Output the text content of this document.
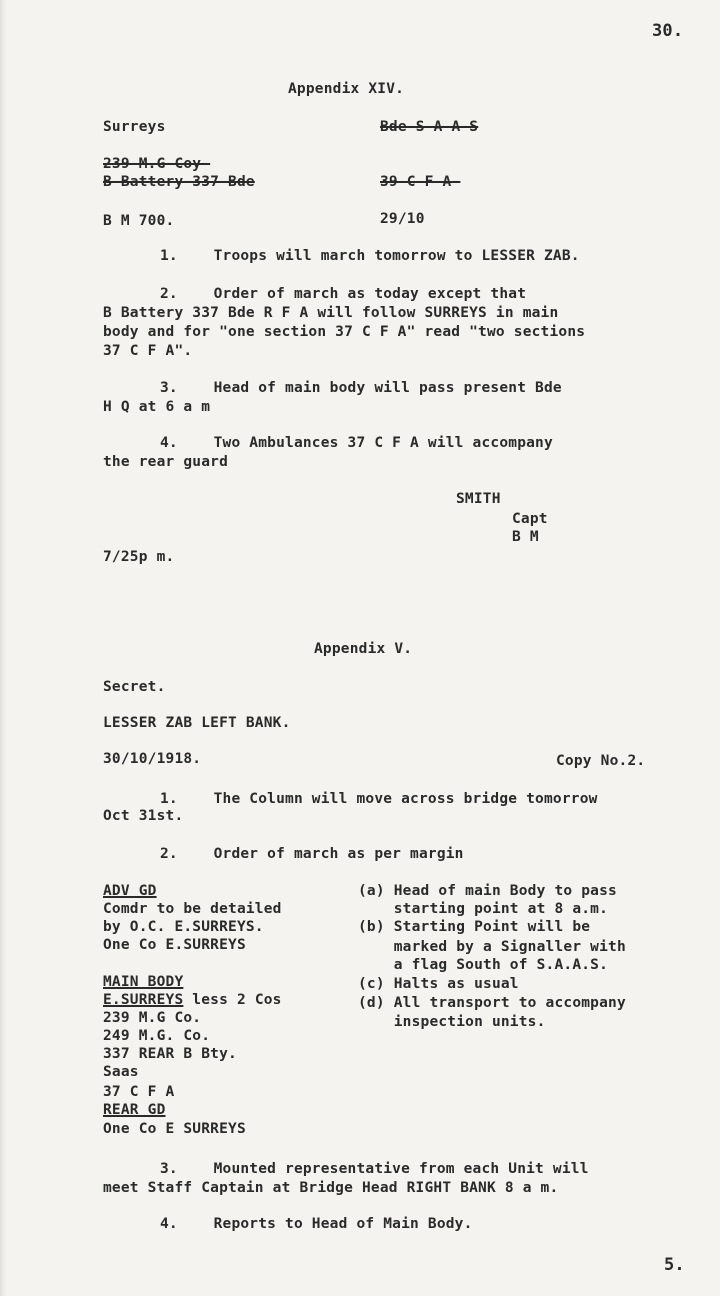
30.
Appendix XIV.
Surreys	Bde-S-A-A-S
239-M.G-Coy-
B-Battery-337-Bde	39-C-F-A-
B M 700.	29/10
1.    Troops will march tomorrow to LESSER ZAB.
2.    Order of march as today except that
B Battery 337 Bde R F A will follow SURREYS in main
body and for "one section 37 C F A" read "two sections
37 C F A".
3.    Head of main body will pass present Bde
H Q at 6 a m
4.    Two Ambulances 37 C F A will accompany
the rear guard
SMITH
Capt
B M
7/25p m.
Appendix V.
Secret.
LESSER ZAB LEFT BANK.
30/10/1918.	Copy No.2.
1.    The Column will move across bridge tomorrow
Oct 31st.
2.    Order of march as per margin
ADV GD
Comdr to be detailed
by O.C. E.SURREYS.
One Co E.SURREYS
MAIN BODY
E.SURREYS less 2 Cos
239 M.G Co.
249 M.G. Co.
337 REAR B Bty.
Saas
37 C F A
REAR GD
One Co E SURREYS
(a) Head of main Body to pass
starting point at 8 a.m.
(b) Starting Point will be
marked by a Signaller with
a flag South of S.A.A.S.
(c) Halts as usual
(d) All transport to accompany
inspection units.
3.    Mounted representative from each Unit will
meet Staff Captain at Bridge Head RIGHT BANK 8 a m.
4.    Reports to Head of Main Body.
5.
